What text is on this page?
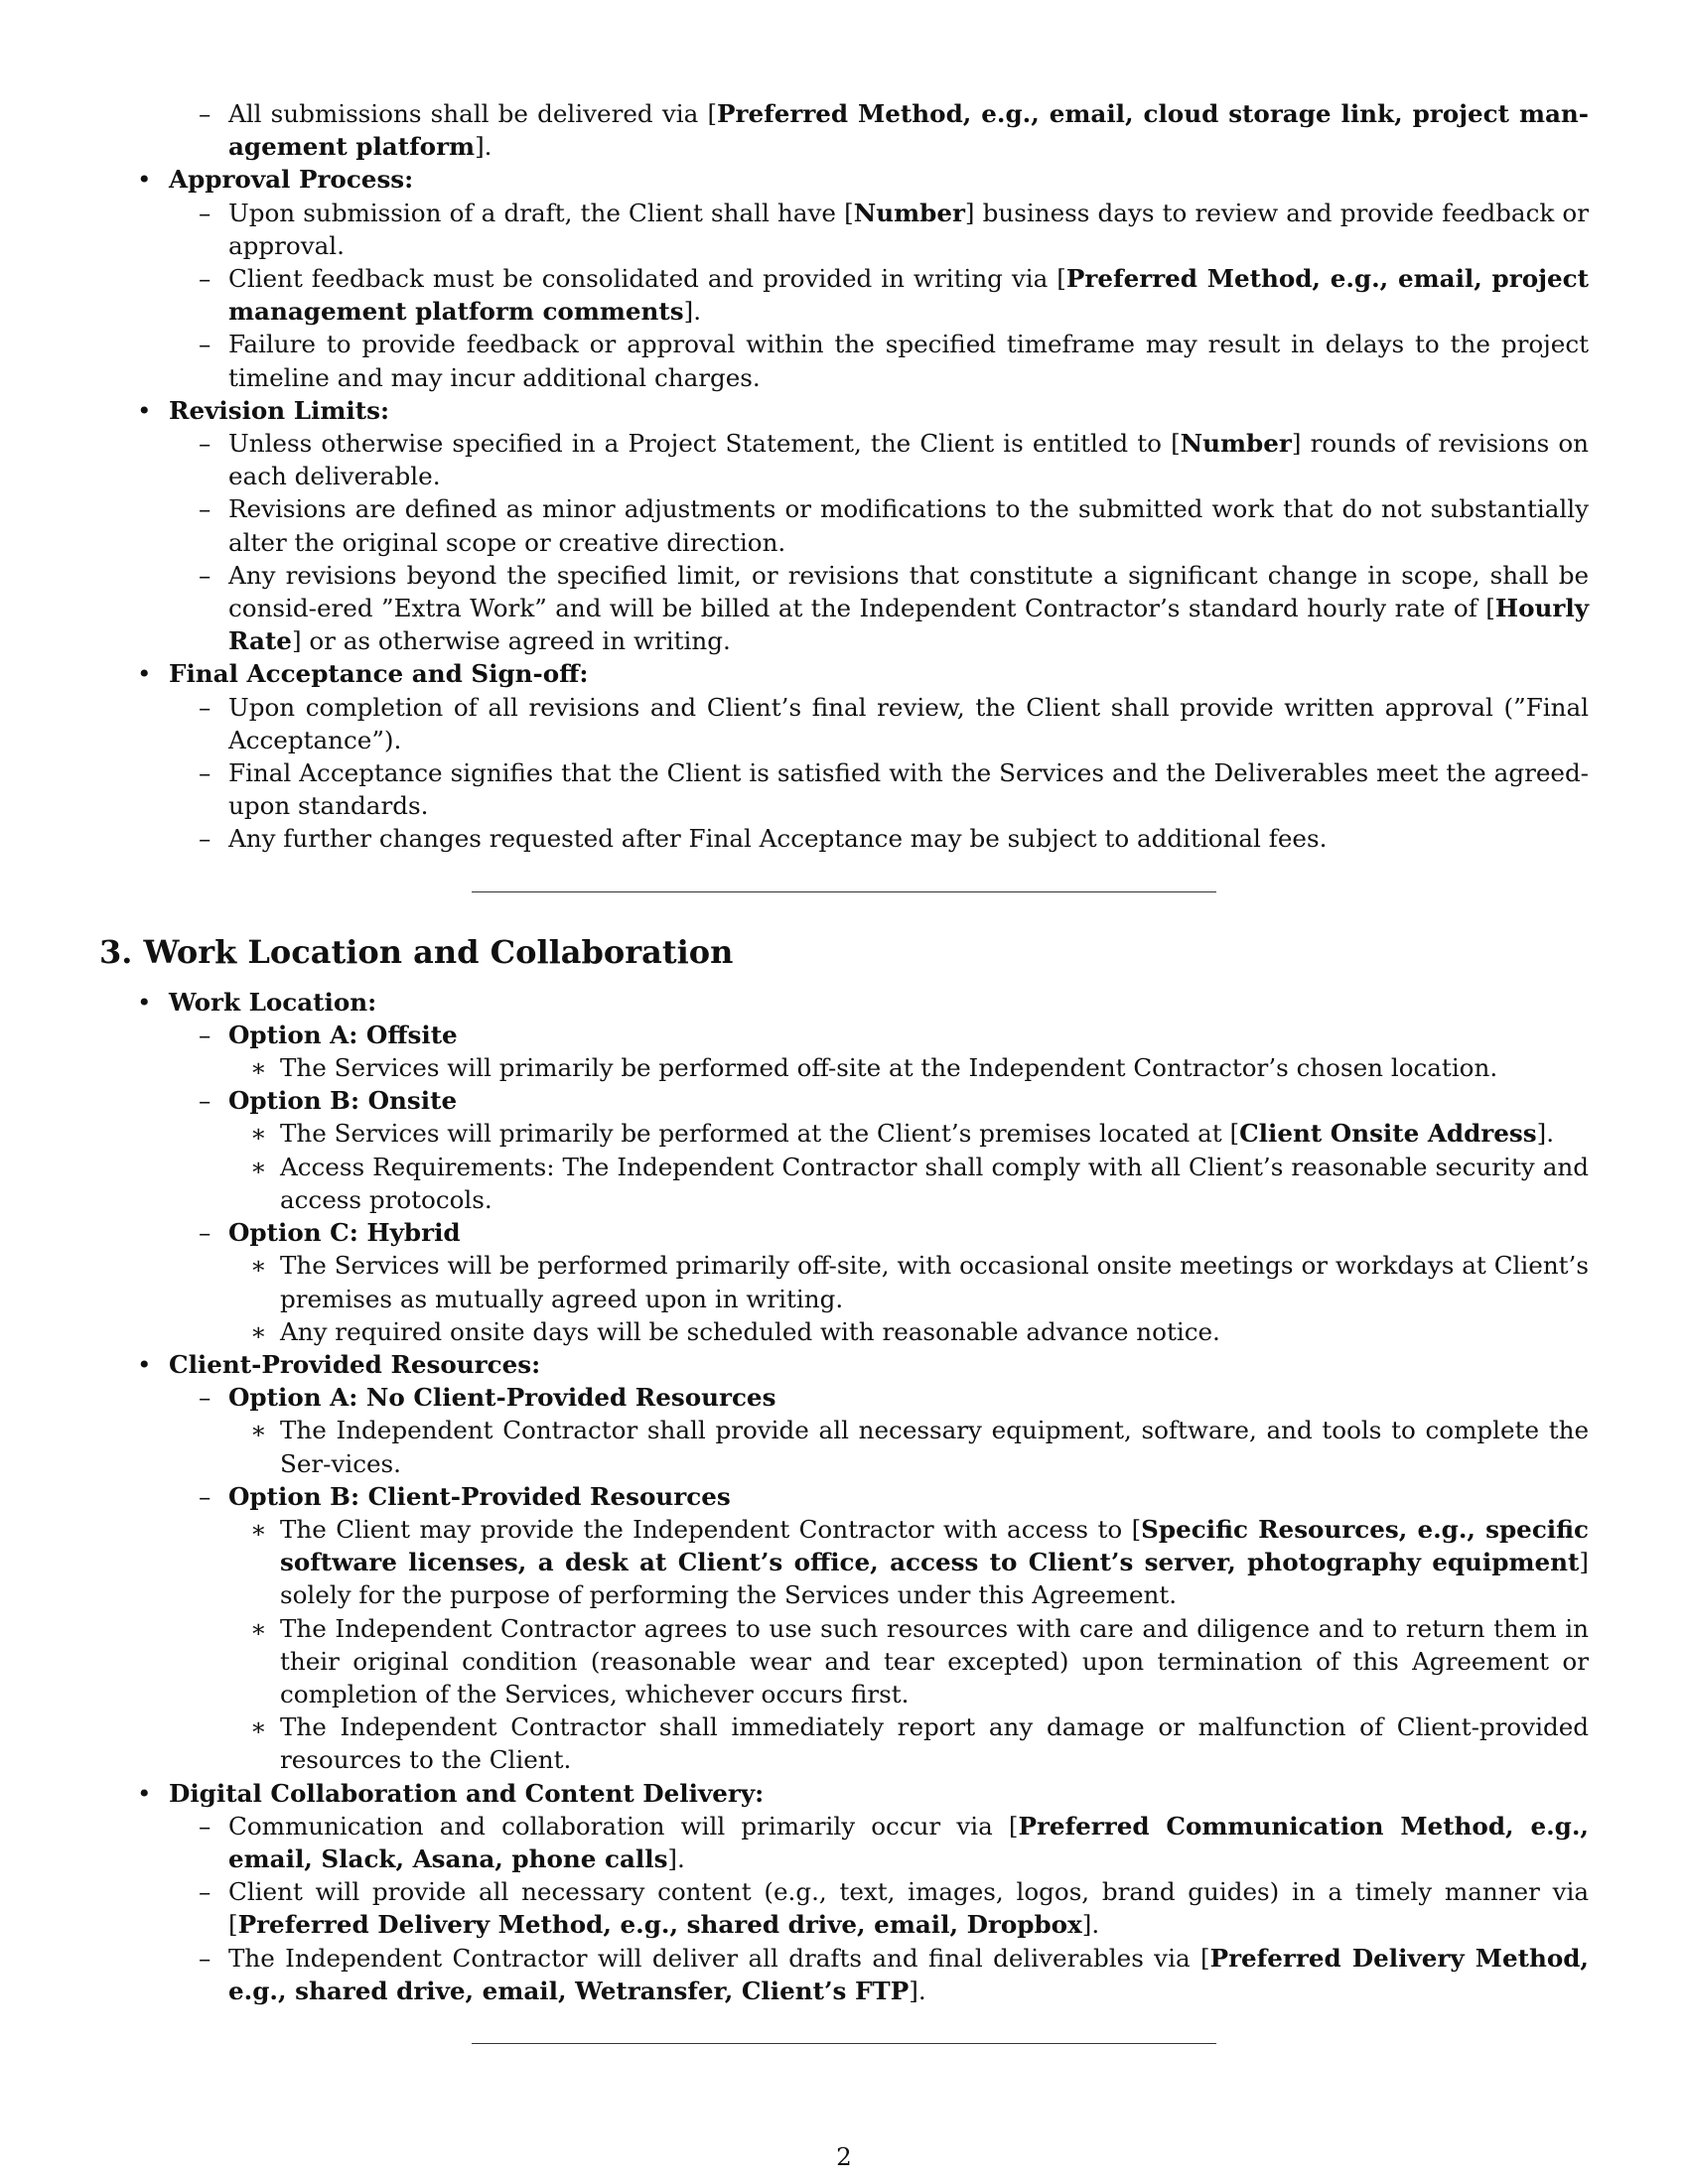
– All submissions shall be delivered via [Preferred Method, e.g., email, cloud storage link, project man-agement platform].
• Approval Process:
– Upon submission of a draft, the Client shall have [Number] business days to review and provide feedback or approval.
– Client feedback must be consolidated and provided in writing via [Preferred Method, e.g., email, project management platform comments].
– Failure to provide feedback or approval within the specified timeframe may result in delays to the project timeline and may incur additional charges.
• Revision Limits:
– Unless otherwise specified in a Project Statement, the Client is entitled to [Number] rounds of revisions on each deliverable.
– Revisions are defined as minor adjustments or modifications to the submitted work that do not substantially alter the original scope or creative direction.
– Any revisions beyond the specified limit, or revisions that constitute a significant change in scope, shall be consid-ered ”Extra Work” and will be billed at the Independent Contractor’s standard hourly rate of [Hourly Rate] or as otherwise agreed in writing.
• Final Acceptance and Sign-off:
– Upon completion of all revisions and Client’s final review, the Client shall provide written approval (”Final Acceptance”).
– Final Acceptance signifies that the Client is satisfied with the Services and the Deliverables meet the agreed-upon standards.
– Any further changes requested after Final Acceptance may be subject to additional fees.
3. Work Location and Collaboration
• Work Location:
– Option A: Offsite
∗ The Services will primarily be performed off-site at the Independent Contractor’s chosen location.
– Option B: Onsite
∗ The Services will primarily be performed at the Client’s premises located at [Client Onsite Address].
∗ Access Requirements: The Independent Contractor shall comply with all Client’s reasonable security and access protocols.
– Option C: Hybrid
∗ The Services will be performed primarily off-site, with occasional onsite meetings or workdays at Client’s premises as mutually agreed upon in writing.
∗ Any required onsite days will be scheduled with reasonable advance notice.
• Client-Provided Resources:
– Option A: No Client-Provided Resources
∗ The Independent Contractor shall provide all necessary equipment, software, and tools to complete the Ser-vices.
– Option B: Client-Provided Resources
∗ The Client may provide the Independent Contractor with access to [Specific Resources, e.g., specific software licenses, a desk at Client’s office, access to Client’s server, photography equipment] solely for the purpose of performing the Services under this Agreement.
∗ The Independent Contractor agrees to use such resources with care and diligence and to return them in their original condition (reasonable wear and tear excepted) upon termination of this Agreement or completion of the Services, whichever occurs first.
∗ The Independent Contractor shall immediately report any damage or malfunction of Client-provided resources to the Client.
• Digital Collaboration and Content Delivery:
– Communication and collaboration will primarily occur via [Preferred Communication Method, e.g., email, Slack, Asana, phone calls].
– Client will provide all necessary content (e.g., text, images, logos, brand guides) in a timely manner via [Preferred Delivery Method, e.g., shared drive, email, Dropbox].
– The Independent Contractor will deliver all drafts and final deliverables via [Preferred Delivery Method, e.g., shared drive, email, Wetransfer, Client’s FTP].
2
